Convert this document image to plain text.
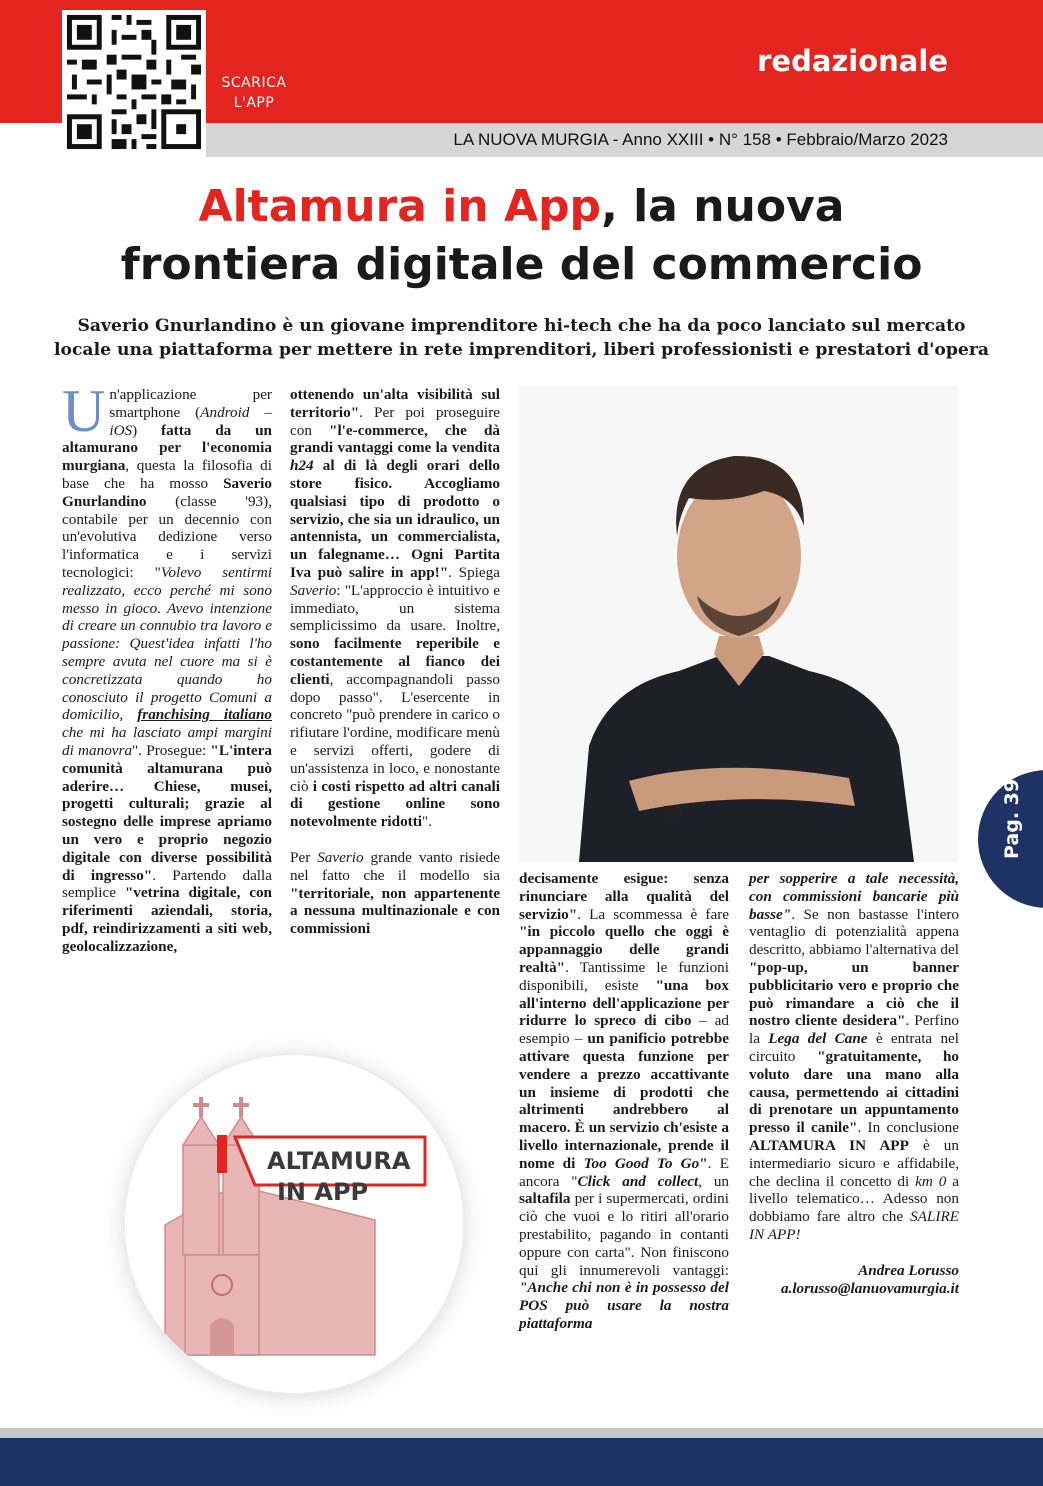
SCARICA
L'APP
redazionale
LA NUOVA MURGIA - Anno XXIII • N° 158 • Febbraio/Marzo 2023
Altamura in App, la nuova
frontiera digitale del commercio
Saverio Gnurlandino è un giovane imprenditore hi-tech che ha da poco lanciato sul mercato
locale una piattaforma per mettere in rete imprenditori, liberi professionisti e prestatori d'opera

Un'applicazione per smartphone (Android – iOS) fatta da un altamurano per l'economia murgiana, questa la filosofia di base che ha mosso Saverio Gnurlandino (classe '93), contabile per un decennio con un'evolutiva dedizione verso l'informatica e i servizi tecnologici: "Volevo sentirmi realizzato, ecco perché mi sono messo in gioco. Avevo intenzione di creare un connubio tra lavoro e passione: Quest'idea infatti l'ho sempre avuta nel cuore ma si è concretizzata quando ho conosciuto il progetto Comuni a domicilio, franchising italiano che mi ha lasciato ampi margini di manovra". Prosegue: "L'intera comunità altamurana può aderire… Chiese, musei, progetti culturali; grazie al sostegno delle imprese apriamo un vero e proprio negozio digitale con diverse possibilità di ingresso". Partendo dalla semplice "vetrina digitale, con riferimenti aziendali, storia, pdf, reindirizzamenti a siti web, geolocalizzazione,

ottenendo un'alta visibilità sul territorio". Per poi proseguire con "l'e-commerce, che dà grandi vantaggi come la vendita h24 al di là degli orari dello store fisico. Accogliamo qualsiasi tipo di prodotto o servizio, che sia un idraulico, un antennista, un commercialista, un falegname… Ogni Partita Iva può salire in app!". Spiega Saverio: "L'approccio è intuitivo e immediato, un sistema semplicissimo da usare. Inoltre, sono facilmente reperibile e costantemente al fianco dei clienti, accompagnandoli passo dopo passo". L'esercente in concreto "può prendere in carico o rifiutare l'ordine, modificare menù e servizi offerti, godere di un'assistenza in loco, e nonostante ciò i costi rispetto ad altri canali di gestione online sono notevolmente ridotti".

Per Saverio grande vanto risiede nel fatto che il modello sia "territoriale, non appartenente a nessuna multinazionale e con commissioni

decisamente esigue: senza rinunciare alla qualità del servizio". La scommessa è fare "in piccolo quello che oggi è appannaggio delle grandi realtà". Tantissime le funzioni disponibili, esiste "una box all'interno dell'applicazione per ridurre lo spreco di cibo – ad esempio – un panificio potrebbe attivare questa funzione per vendere a prezzo accattivante un insieme di prodotti che altrimenti andrebbero al macero. È un servizio ch'esiste a livello internazionale, prende il nome di Too Good To Go". E ancora "Click and collect, un saltafila per i supermercati, ordini ciò che vuoi e lo ritiri all'orario prestabilito, pagando in contanti oppure con carta". Non finiscono qui gli innumerevoli vantaggi: "Anche chi non è in possesso del POS può usare la nostra piattaforma

per sopperire a tale necessità, con commissioni bancarie più basse". Se non bastasse l'intero ventaglio di potenzialità appena descritto, abbiamo l'alternativa del "pop-up, un banner pubblicitario vero e proprio che può rimandare a ciò che il nostro cliente desidera". Perfino la Lega del Cane è entrata nel circuito "gratuitamente, ho voluto dare una mano alla causa, permettendo ai cittadini di prenotare un appuntamento presso il canile". In conclusione ALTAMURA IN APP è un intermediario sicuro e affidabile, che declina il concetto di km 0 a livello telematico… Adesso non dobbiamo fare altro che SALIRE IN APP!

Andrea Lorusso
a.lorusso@lanuovamurgia.it

ALTAMURA
IN APP
